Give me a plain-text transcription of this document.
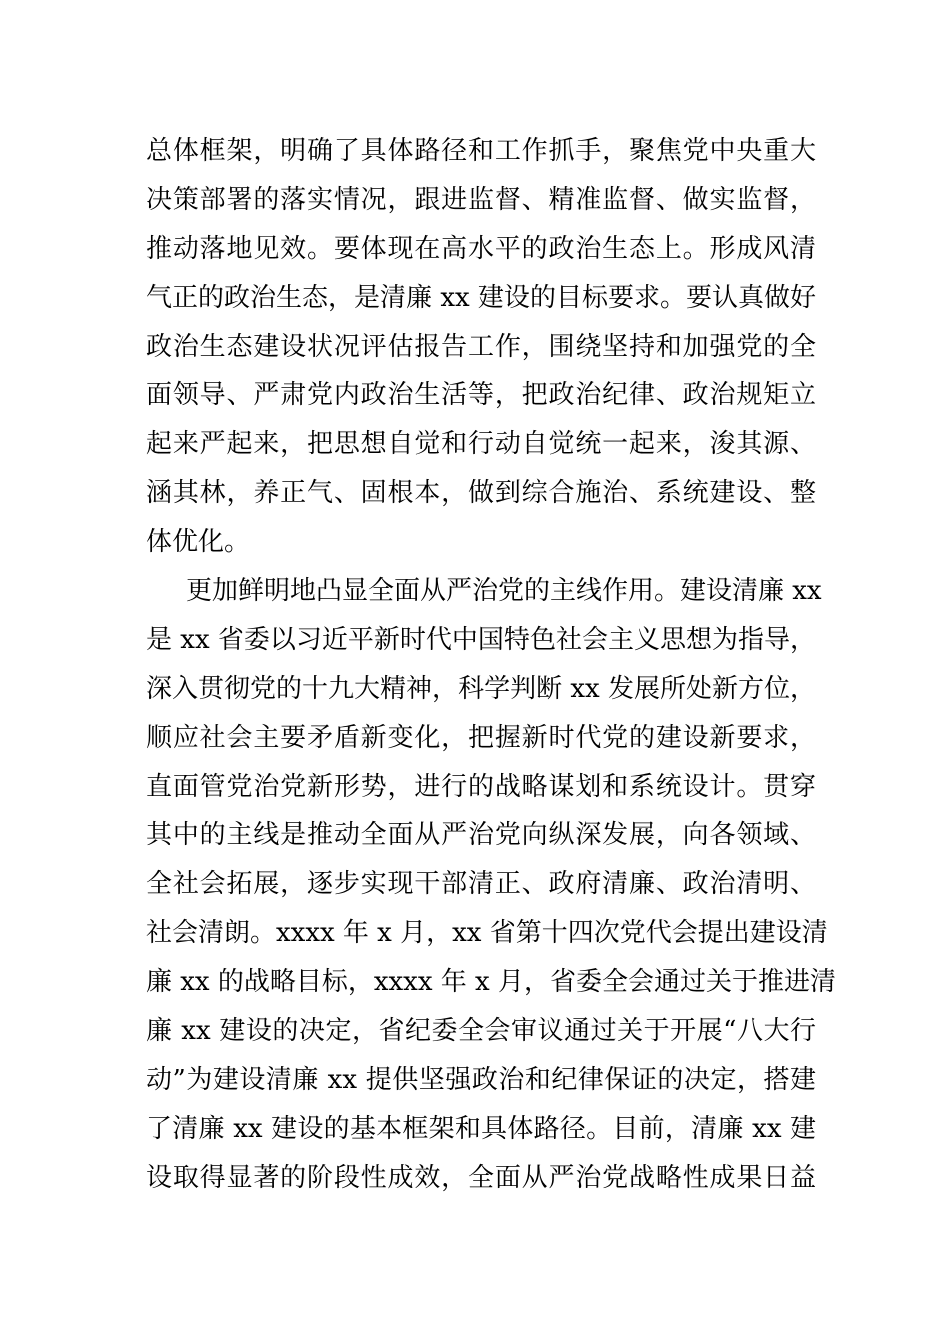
总体框架，明确了具体路径和工作抓手，聚焦党中央重大
决策部署的落实情况，跟进监督、精准监督、做实监督，
推动落地见效。要体现在高水平的政治生态上。形成风清
气正的政治生态，是清廉 xx 建设的目标要求。要认真做好
政治生态建设状况评估报告工作，围绕坚持和加强党的全
面领导、严肃党内政治生活等，把政治纪律、政治规矩立
起来严起来，把思想自觉和行动自觉统一起来，浚其源、
涵其林，养正气、固根本，做到综合施治、系统建设、整
体优化。
更加鲜明地凸显全面从严治党的主线作用。建设清廉 xx
是 xx 省委以习近平新时代中国特色社会主义思想为指导，
深入贯彻党的十九大精神，科学判断 xx 发展所处新方位，
顺应社会主要矛盾新变化，把握新时代党的建设新要求，
直面管党治党新形势，进行的战略谋划和系统设计。贯穿
其中的主线是推动全面从严治党向纵深发展，向各领域、
全社会拓展，逐步实现干部清正、政府清廉、政治清明、
社会清朗。xxxx 年 x 月，xx 省第十四次党代会提出建设清
廉 xx 的战略目标，xxxx 年 x 月，省委全会通过关于推进清
廉 xx 建设的决定，省纪委全会审议通过关于开展“八大行
动”为建设清廉 xx 提供坚强政治和纪律保证的决定，搭建
了清廉 xx 建设的基本框架和具体路径。目前，清廉 xx 建
设取得显著的阶段性成效，全面从严治党战略性成果日益
